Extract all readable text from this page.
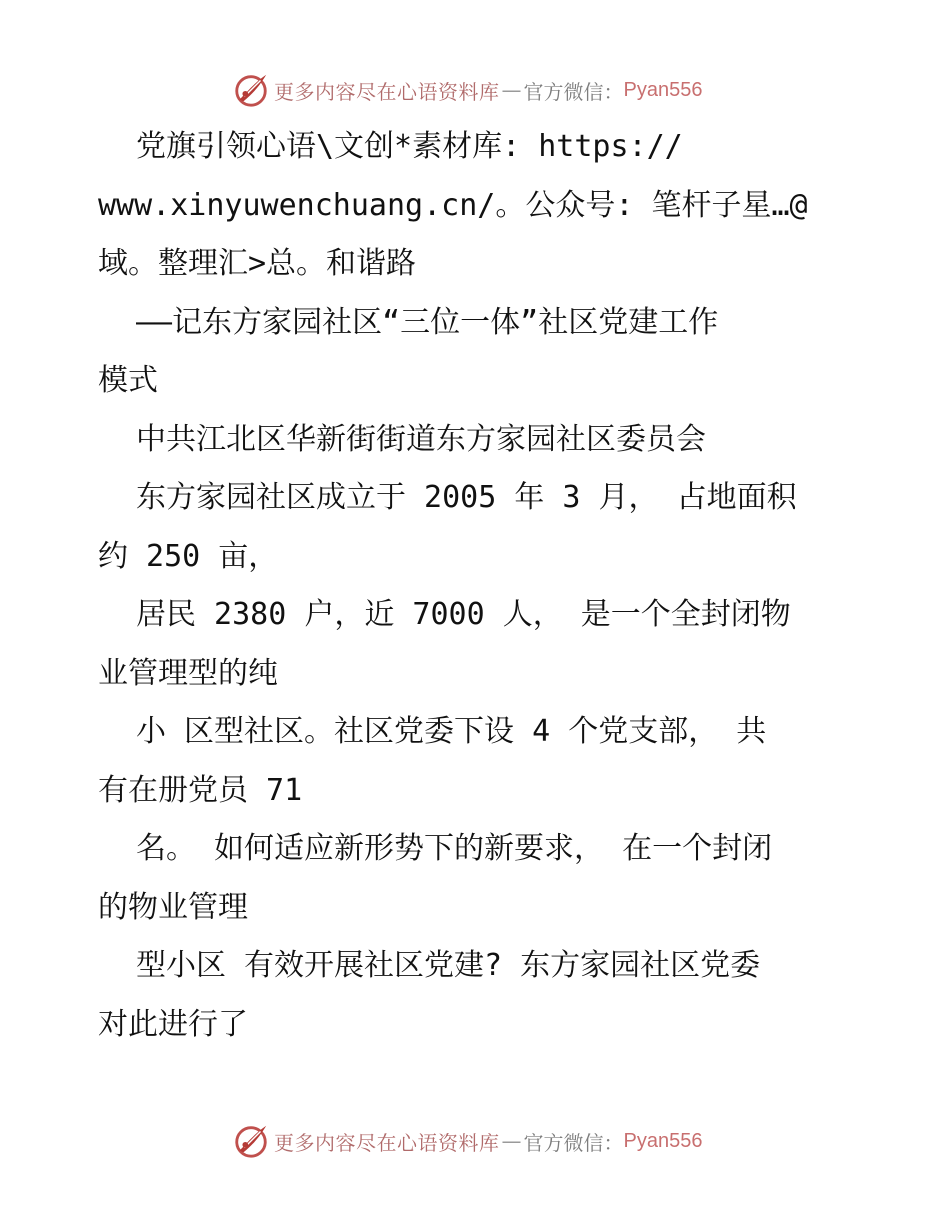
更多内容尽在心语资料库 — 官方微信： Pyan556
党旗引领心语\文创*素材库: https://
www.xinyuwenchuang.cn/。公众号: 笔杆子星…@
域。整理汇>总。和谐路
——记东方家园社区“三位一体”社区党建工作
模式
中共江北区华新街街道东方家园社区委员会
东方家园社区成立于 2005 年 3 月， 占地面积
约 250 亩，
居民 2380 户，近 7000 人， 是一个全封闭物
业管理型的纯
小 区型社区。社区党委下设 4 个党支部， 共
有在册党员 71
名。 如何适应新形势下的新要求， 在一个封闭
的物业管理
型小区 有效开展社区党建? 东方家园社区党委
对此进行了
更多内容尽在心语资料库 — 官方微信： Pyan556
